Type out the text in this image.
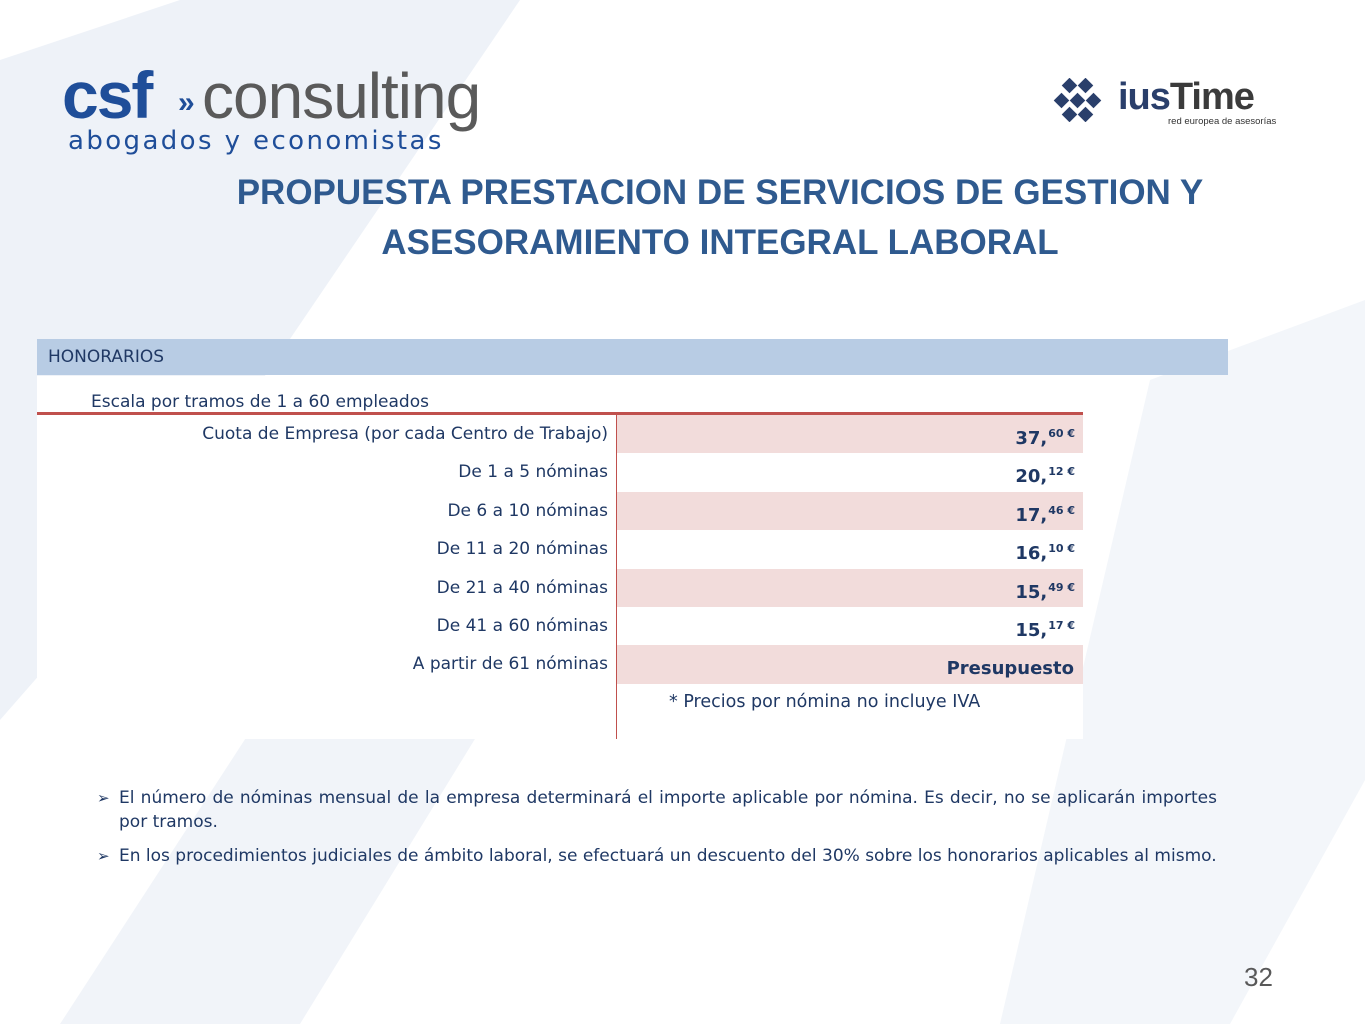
csf » consulting
abogados y economistas
iusTime
red europea de asesorías
PROPUESTA PRESTACION DE SERVICIOS DE GESTION Y
ASESORAMIENTO INTEGRAL LABORAL
HONORARIOS
Escala por tramos de 1 a 60 empleados
Cuota de Empresa (por cada Centro de Trabajo)	37,$^{60 €}$
De 1 a 5 nóminas	20,$^{12 €}$
De 6 a 10 nóminas	17,$^{46 €}$
De 11 a 20 nóminas	16,$^{10 €}$
De 21 a 40 nóminas	15,$^{49 €}$
De 41 a 60 nóminas	15,$^{17 €}$
A partir de 61 nóminas	Presupuesto
* Precios por nómina no incluye IVA
➢ El número de nóminas mensual de la empresa determinará el importe aplicable por nómina. Es decir, no se aplicarán importes por tramos.
➢ En los procedimientos judiciales de ámbito laboral, se efectuará un descuento del 30% sobre los honorarios aplicables al mismo.
32
